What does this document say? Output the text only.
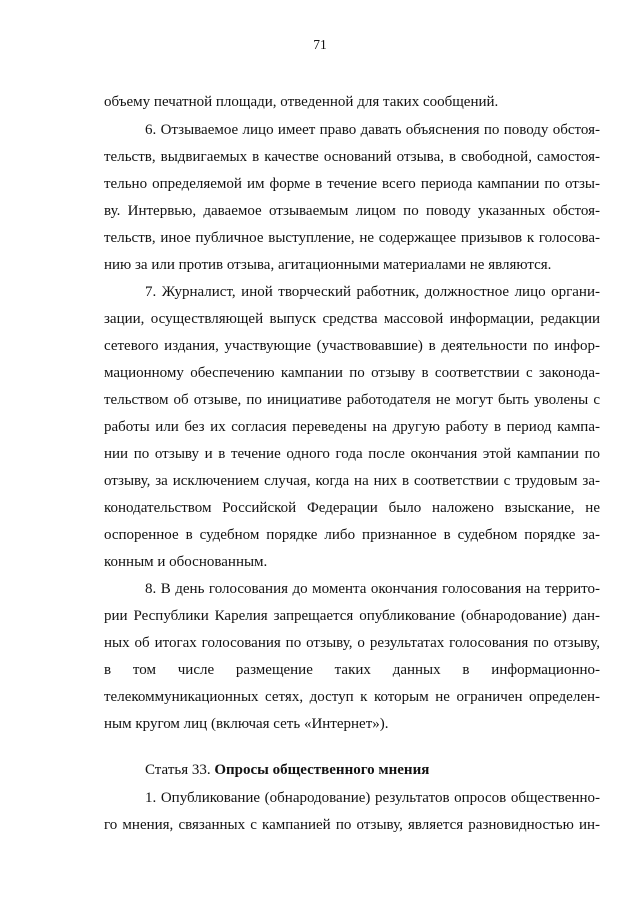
71
объему печатной площади, отведенной для таких сообщений.
6. Отзываемое лицо имеет право давать объяснения по поводу обстоя-
тельств, выдвигаемых в качестве оснований отзыва, в свободной, самостоя-
тельно определяемой им форме в течение всего периода кампании по отзы-
ву. Интервью, даваемое отзываемым лицом по поводу указанных обстоя-
тельств, иное публичное выступление, не содержащее призывов к голосова-
нию за или против отзыва, агитационными материалами не являются.
7. Журналист, иной творческий работник, должностное лицо органи-
зации, осуществляющей выпуск средства массовой информации, редакции
сетевого издания, участвующие (участвовавшие) в деятельности по инфор-
мационному обеспечению кампании по отзыву в соответствии с законода-
тельством об отзыве, по инициативе работодателя не могут быть уволены с
работы или без их согласия переведены на другую работу в период кампа-
нии по отзыву и в течение одного года после окончания этой кампании по
отзыву, за исключением случая, когда на них в соответствии с трудовым за-
конодательством Российской Федерации было наложено взыскание, не
оспоренное в судебном порядке либо признанное в судебном порядке за-
конным и обоснованным.
8. В день голосования до момента окончания голосования на террито-
рии Республики Карелия запрещается опубликование (обнародование) дан-
ных об итогах голосования по отзыву, о результатах голосования по отзыву,
в том числе размещение таких данных в информационно-
телекоммуникационных сетях, доступ к которым не ограничен определен-
ным кругом лиц (включая сеть «Интернет»).
Статья 33. Опросы общественного мнения
1. Опубликование (обнародование) результатов опросов общественно-
го мнения, связанных с кампанией по отзыву, является разновидностью ин-
